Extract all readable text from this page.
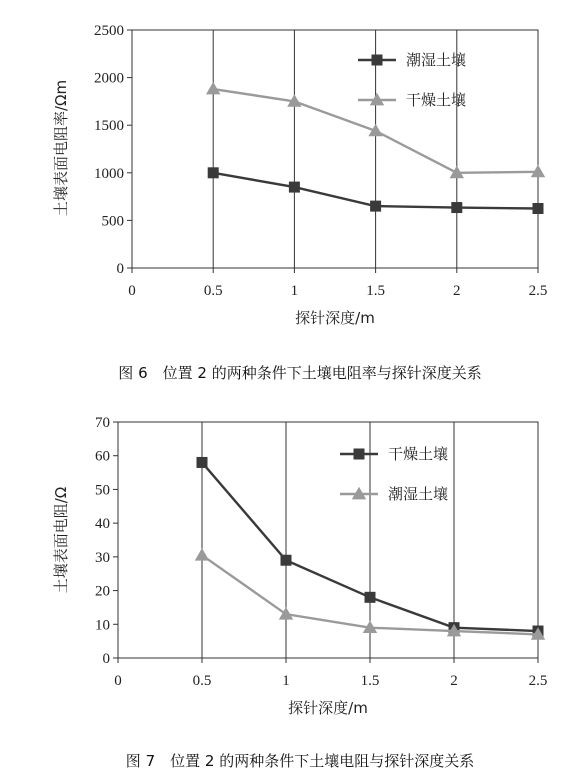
0
500
1000
1500
2000
2500
0	0.5	1	1.5	2	2.5
探针深度/m
土壤表面电阻率/Ωm
潮湿土壤
干燥土壤
图 6　位置 2 的两种条件下土壤电阻率与探针深度关系
0
10
20
30
40
50
60
70
0	0.5	1	1.5	2	2.5
探针深度/m
土壤表面电阻/Ω
干燥土壤
潮湿土壤
图 7　位置 2 的两种条件下土壤电阻与探针深度关系
